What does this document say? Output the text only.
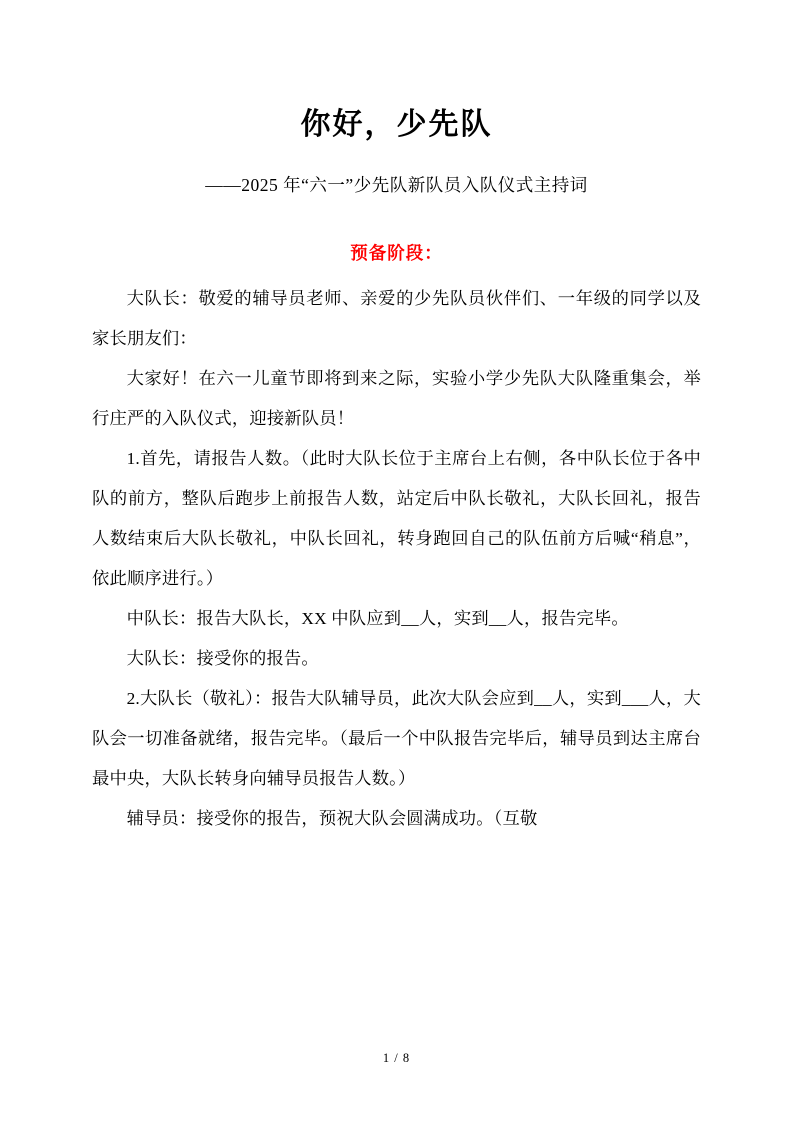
你好，少先队
——2025 年“六一”少先队新队员入队仪式主持词
预备阶段：

大队长：敬爱的辅导员老师、亲爱的少先队员伙伴们、一年级的同学以及家长朋友们：

大家好！在六一儿童节即将到来之际，实验小学少先队大队隆重集会，举行庄严的入队仪式，迎接新队员！

1.首先，请报告人数。（此时大队长位于主席台上右侧，各中队长位于各中队的前方，整队后跑步上前报告人数，站定后中队长敬礼，大队长回礼，报告人数结束后大队长敬礼，中队长回礼，转身跑回自己的队伍前方后喊“稍息”，依此顺序进行。）

中队长：报告大队长，XX 中队应到__人，实到__人，报告完毕。

大队长：接受你的报告。

2.大队长（敬礼）：报告大队辅导员，此次大队会应到__人，实到___人，大队会一切准备就绪，报告完毕。（最后一个中队报告完毕后，辅导员到达主席台最中央，大队长转身向辅导员报告人数。）

辅导员：接受你的报告，预祝大队会圆满成功。（互敬

1 / 8
